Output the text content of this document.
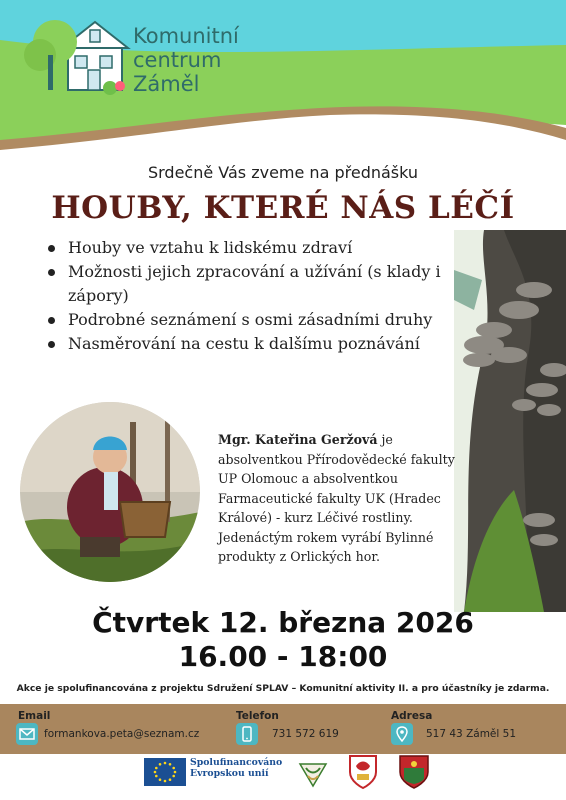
Komunitní
centrum
Záměl
Srdečně Vás zveme na přednášku
HOUBY, KTERÉ NÁS LÉČÍ
Houby ve vztahu k lidskému zdraví
Možnosti jejich zpracování a užívání (s klady i zápory)
Podrobné seznámení s osmi zásadními druhy
Nasměrování na cestu k dalšímu poznávání
Mgr. Kateřina Geržová je absolventkou Přírodovědecké fakulty UP Olomouc a absolventkou Farmaceutické fakulty UK (Hradec Králové) - kurz Léčivé rostliny. Jedenáctým rokem vyrábí Bylinné produkty z Orlických hor.
Čtvrtek 12. března 2026
16.00 - 18:00
Akce je spolufinancována z projektu Sdružení SPLAV – Komunitní aktivity II. a pro účastníky je zdarma.
Email
formankova.peta@seznam.cz
Telefon
731 572 619
Adresa
517 43 Záměl 51
Spolufinancováno
Evropskou unií
